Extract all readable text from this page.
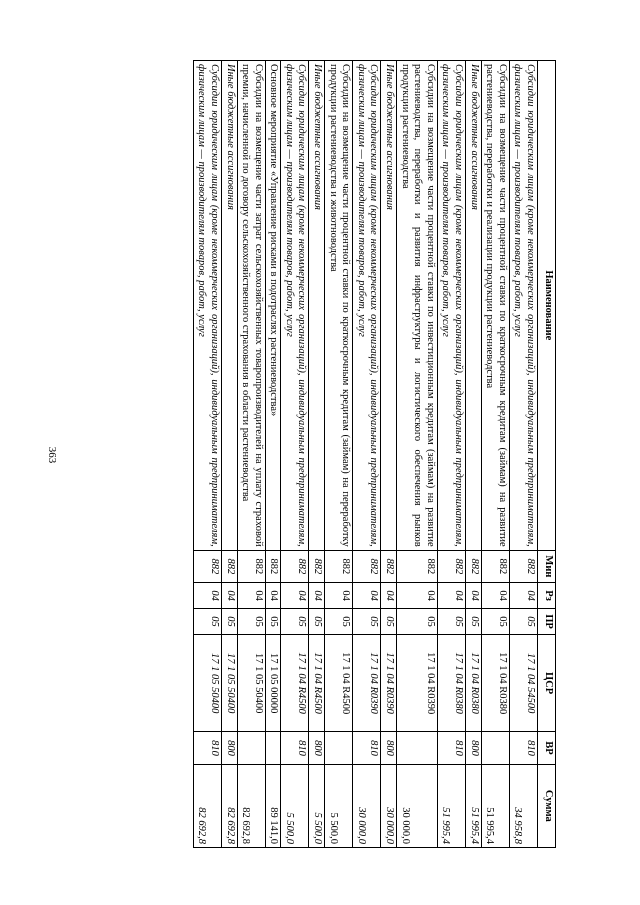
363
Наименование	Мин	Рз	ПР	ЦСР	ВР	Сумма
Субсидии юридическим лицам (кроме некоммерческих организаций), индивидуальным предпринимателям, физическим лицам — производителям товаров, работ, услуг	882	04	05	17 1 04 54500	810	34 958,8
Субсидии на возмещение части процентной ставки по краткосрочным кредитам (займам) на развитие растениеводства, переработки и реализации продукции растениеводства	882	04	05	17 1 04 R0380		51 995,4
Иные бюджетные ассигнования	882	04	05	17 1 04 R0380	800	51 995,4
Субсидии юридическим лицам (кроме некоммерческих организаций), индивидуальным предпринимателям, физическим лицам — производителям товаров, работ, услуг	882	04	05	17 1 04 R0380	810	51 995,4
Субсидии на возмещение части процентной ставки по инвестиционным кредитам (займам) на развитие растениеводства, переработки и развития инфраструктуры и логистического обеспечения рынков продукции растениеводства	882	04	05	17 1 04 R0390		30 000,0
Иные бюджетные ассигнования	882	04	05	17 1 04 R0390	800	30 000,0
Субсидии юридическим лицам (кроме некоммерческих организаций), индивидуальным предпринимателям, физическим лицам — производителям товаров, работ, услуг	882	04	05	17 1 04 R0390	810	30 000,0
Субсидии на возмещение части процентной ставки по краткосрочным кредитам (займам) на переработку продукции растениеводства и животноводства	882	04	05	17 1 04 R4500		5 500,0
Иные бюджетные ассигнования	882	04	05	17 1 04 R4500	800	5 500,0
Субсидии юридическим лицам (кроме некоммерческих организаций), индивидуальным предпринимателям, физическим лицам — производителям товаров, работ, услуг	882	04	05	17 1 04 R4500	810	5 500,0
Основное мероприятие «Управление рисками в подотраслях растениеводства»	882	04	05	17 1 05 00000		89 141,0
Субсидии на возмещение части затрат сельскохозяйственных товаропроизводителей на уплату страховой премии, начисленной по договору сельскохозяйственного страхования в области растениеводства	882	04	05	17 1 05 50400		82 692,8
Иные бюджетные ассигнования	882	04	05	17 1 05 50400	800	82 692,8
Субсидии юридическим лицам (кроме некоммерческих организаций), индивидуальным предпринимателям, физическим лицам — производителям товаров, работ, услуг	882	04	05	17 1 05 50400	810	82 692,8
